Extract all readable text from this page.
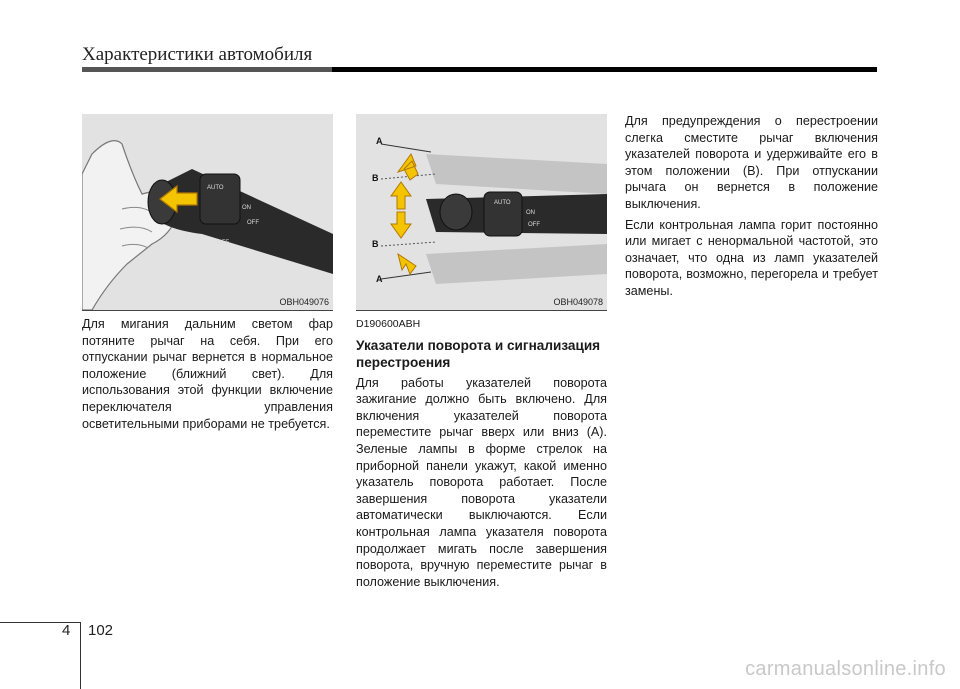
Характеристики автомобиля
AUTO
ON
OFF
OFF
OBH049076
AUTO
ON
OFF
A
B
B
A
OBH049078

Для мигания дальним светом фар потяните рычаг на себя. При его отпускании рычаг вернется в нормальное положение (ближний свет). Для использования этой функции включение переключателя управления осветительными приборами не требуется.

D190600ABH

Указатели поворота и сигнализация перестроения

Для работы указателей поворота зажигание должно быть включено. Для включения указателей поворота переместите рычаг вверх или вниз (A). Зеленые лампы в форме стрелок на приборной панели укажут, какой именно указатель поворота работает. После завершения поворота указатели автоматически выключаются. Если контрольная лампа указателя поворота продолжает мигать после завершения поворота, вручную переместите рычаг в положение выключения.

Для предупреждения о перестроении слегка сместите рычаг включения указателей поворота и удерживайте его в этом положении (B). При отпускании рычага он вернется в положение выключения.

Если контрольная лампа горит постоянно или мигает с ненормальной частотой, это означает, что одна из ламп указателей поворота, возможно, перегорела и требует замены.

4 102
carmanualsonline.info
